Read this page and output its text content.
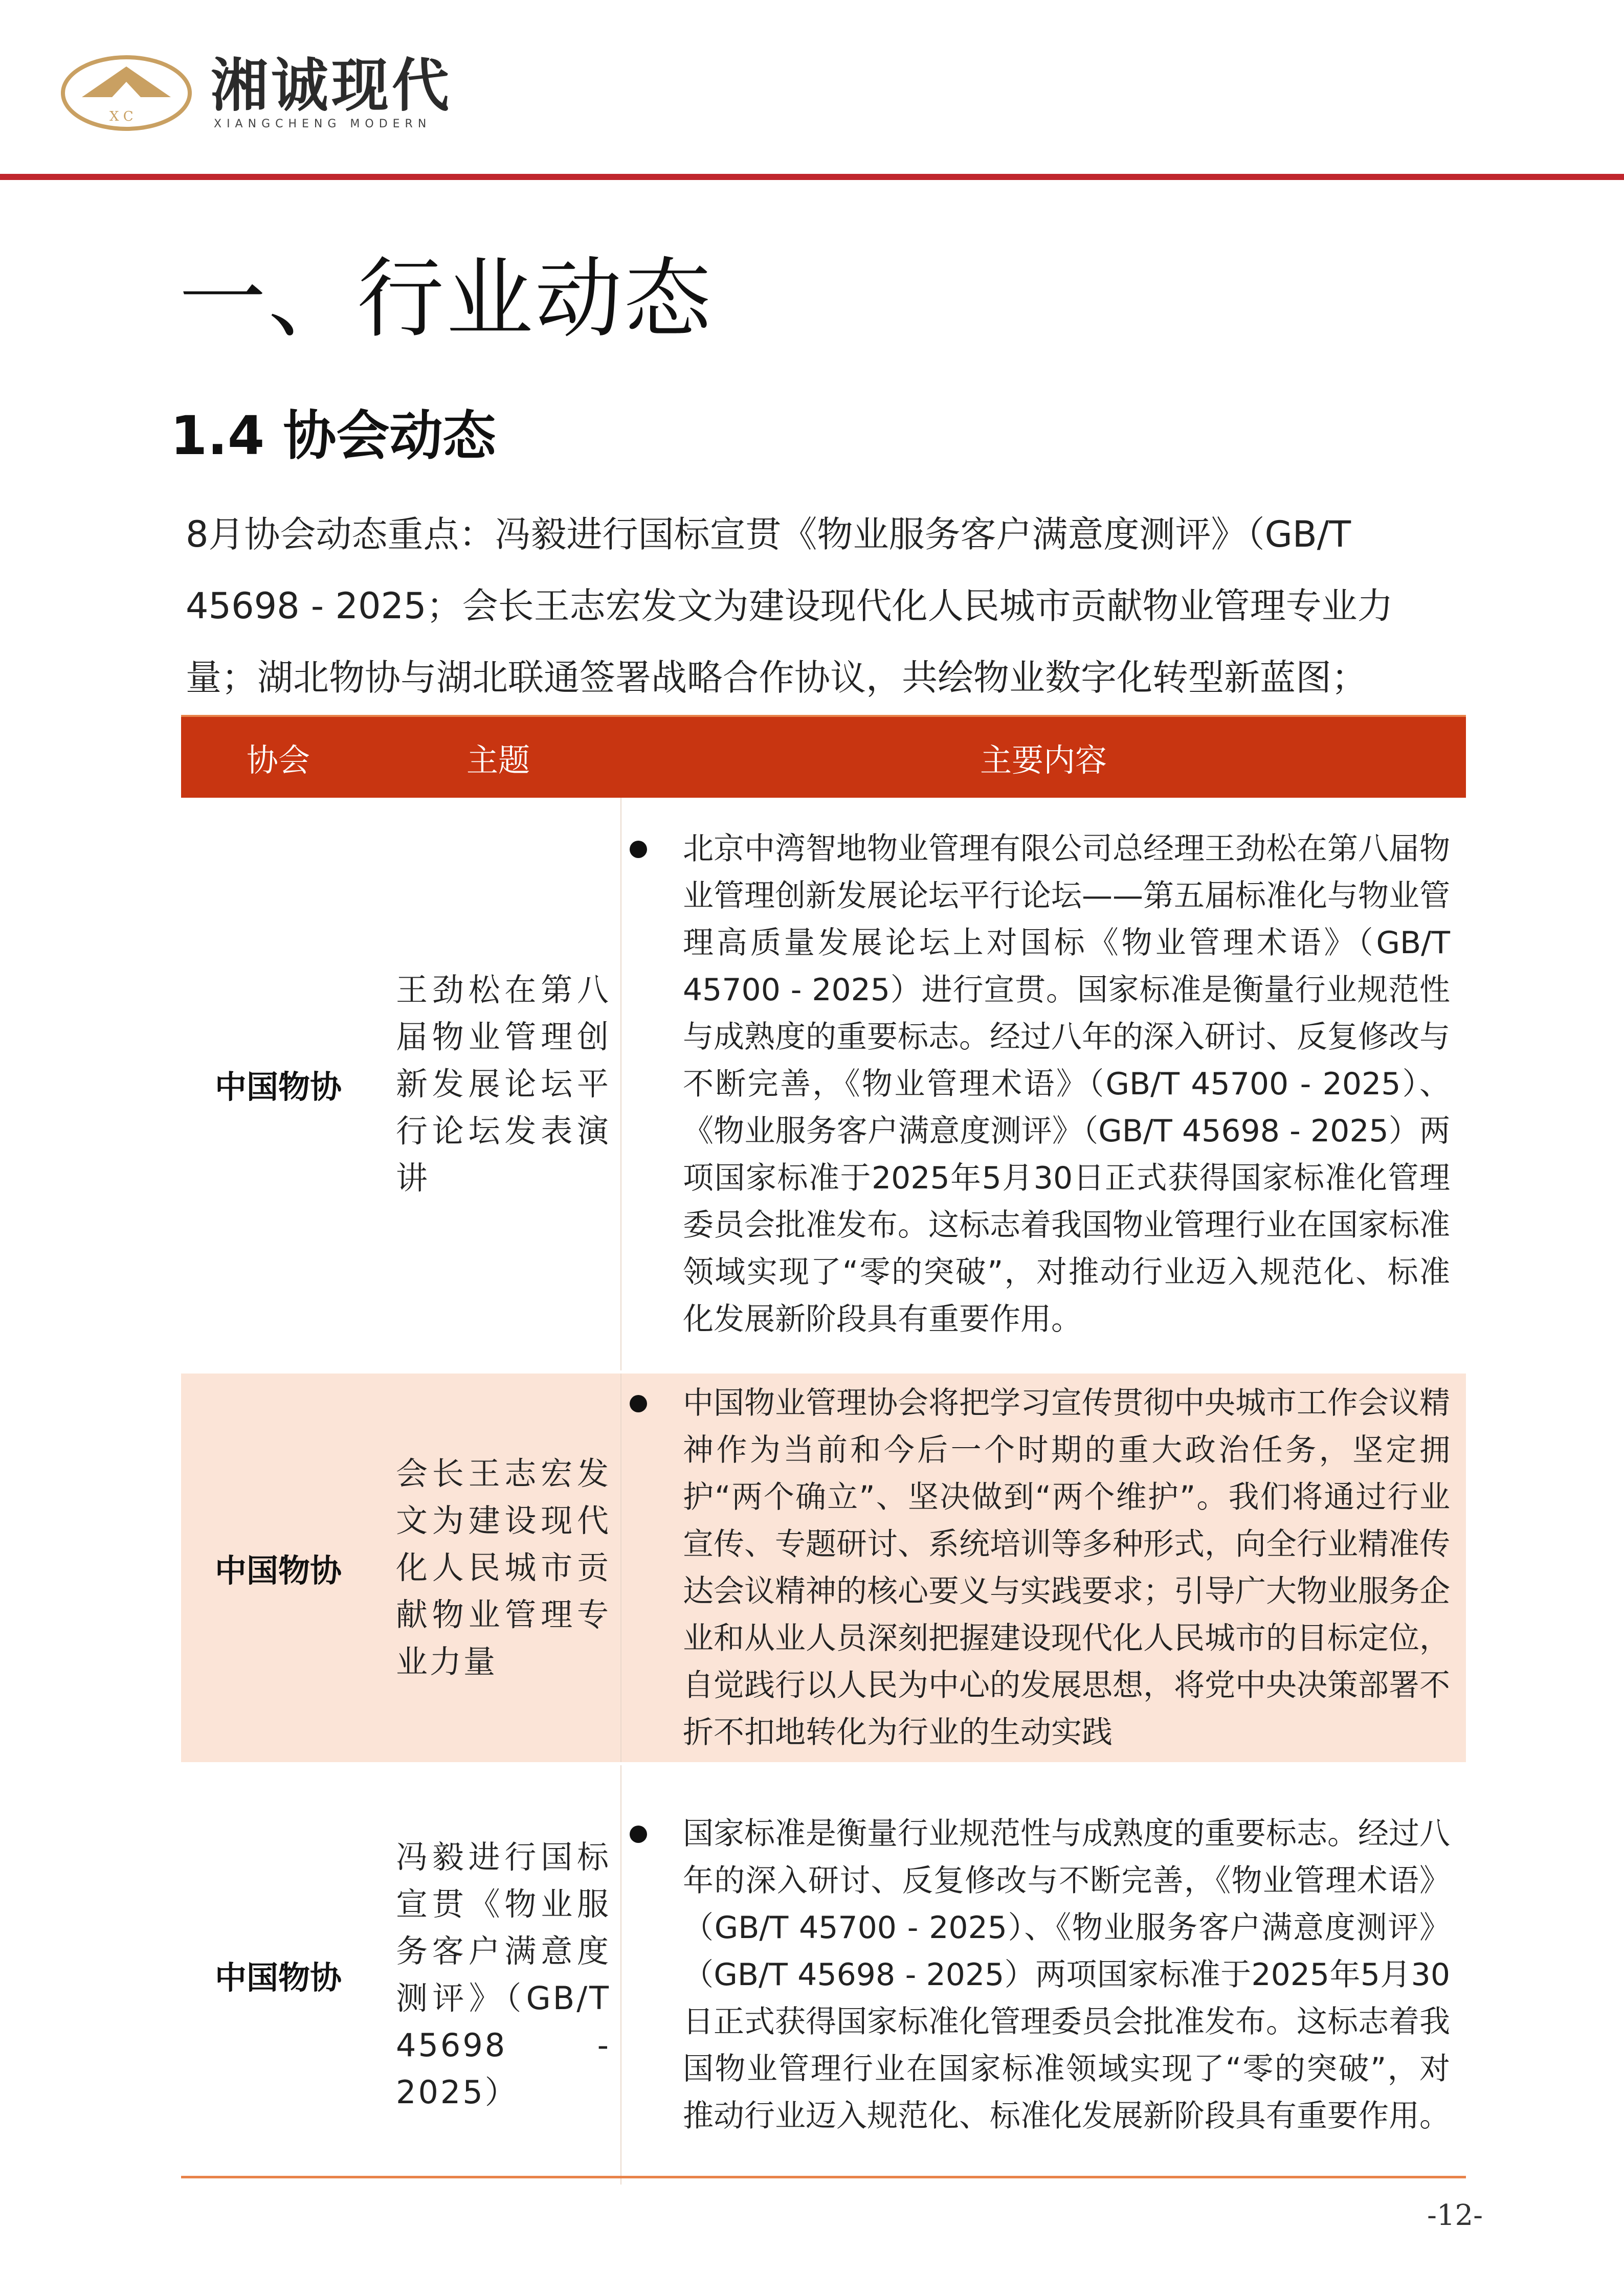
X C 湘诚现代
XIANGCHENG MODERN
一、行业动态
1.4 协会动态

8月协会动态重点：冯毅进行国标宣贯《物业服务客户满意度测评》（GB/T

45698 - 2025；会长王志宏发文为建设现代化人民城市贡献物业管理专业力

量；湖北物协与湖北联通签署战略合作协议，共绘物业数字化转型新蓝图；

协会	主题	主要内容
中国物协	王劲松在第八届物业管理创新发展论坛平行论坛发表演讲	北京中湾智地物业管理有限公司总经理王劲松在第八届物业管理创新发展论坛平行论坛——第五届标准化与物业管理高质量发展论坛上对国标《物业管理术语》（GB/T 45700 - 2025）进行宣贯。国家标准是衡量行业规范性与成熟度的重要标志。经过八年的深入研讨、反复修改与不断完善，《物业管理术语》（GB/T 45700 - 2025）、《物业服务客户满意度测评》（GB/T 45698 - 2025）两项国家标准于2025年5月30日正式获得国家标准化管理委员会批准发布。这标志着我国物业管理行业在国家标准领域实现了“零的突破”，对推动行业迈入规范化、标准化发展新阶段具有重要作用。

中国物协	会长王志宏发文为建设现代化人民城市贡献物业管理专业力量	中国物业管理协会将把学习宣传贯彻中央城市工作会议精神作为当前和今后一个时期的重大政治任务，坚定拥护“两个确立”、坚决做到“两个维护”。我们将通过行业宣传、专题研讨、系统培训等多种形式，向全行业精准传达会议精神的核心要义与实践要求；引导广大物业服务企业和从业人员深刻把握建设现代化人民城市的目标定位，自觉践行以人民为中心的发展思想，将党中央决策部署不折不扣地转化为行业的生动实践

中国物协	冯毅进行国标宣贯《物业服务客户满意度测评》（GB/T 45698 - 2025）	国家标准是衡量行业规范性与成熟度的重要标志。经过八年的深入研讨、反复修改与不断完善，《物业管理术语》（GB/T 45700 - 2025）、《物业服务客户满意度测评》（GB/T 45698 - 2025）两项国家标准于2025年5月30日正式获得国家标准化管理委员会批准发布。这标志着我国物业管理行业在国家标准领域实现了“零的突破”，对推动行业迈入规范化、标准化发展新阶段具有重要作用。
-12-
